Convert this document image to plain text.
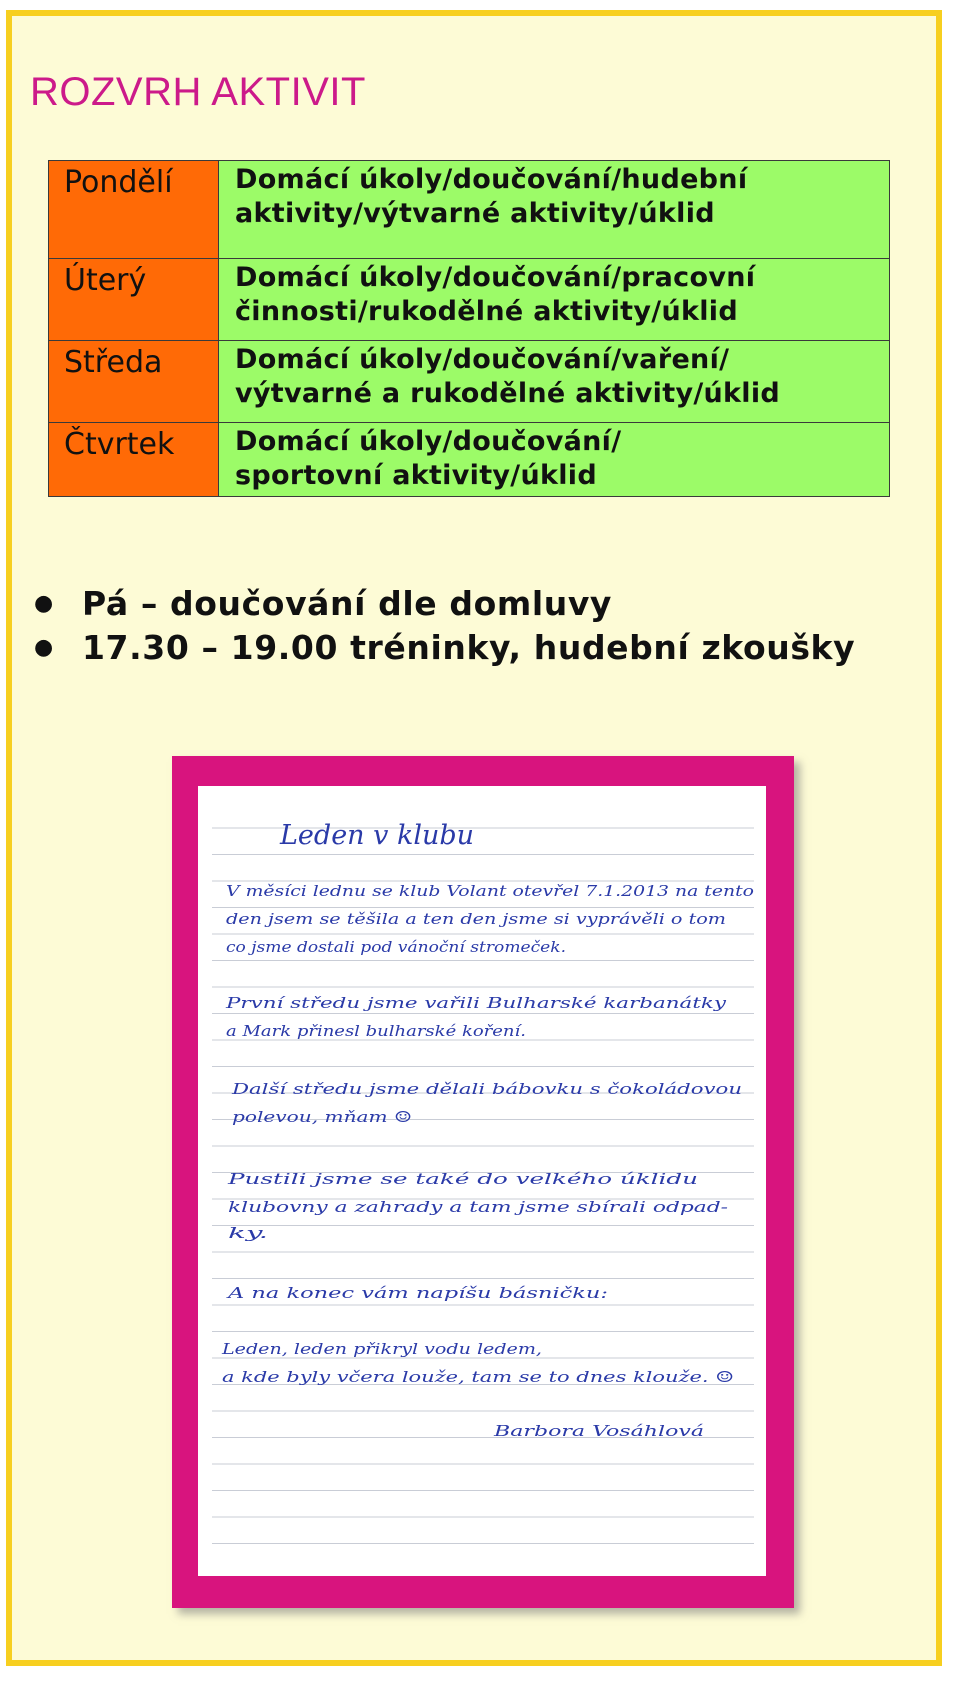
ROZVRH AKTIVIT
Pondělí	Domácí úkoly/doučování/hudební
aktivity/výtvarné aktivity/úklid

Úterý	Domácí úkoly/doučování/pracovní
činnosti/rukodělné aktivity/úklid

Středa	Domácí úkoly/doučování/vaření/
výtvarné a rukodělné aktivity/úklid

Čtvrtek	Domácí úkoly/doučování/
sportovní aktivity/úklid
● Pá – doučování dle domluvy
● 17.30 – 19.00 tréninky, hudební zkoušky
Leden v klubu
V měsíci lednu se klub Volant otevřel 7.1.2013 na tento
den jsem se těšila a ten den jsme si vyprávěli o tom
co jsme dostali pod vánoční stromeček.
První středu jsme vařili Bulharské karbanátky
a Mark přinesl bulharské koření.
Další středu jsme dělali bábovku s čokoládovou
polevou, mňam ☺
Pustili jsme se také do velkého úklidu
klubovny a zahrady a tam jsme sbírali odpad-
ky.
A na konec vám napíšu básničku:
Leden, leden přikryl vodu ledem,
a kde byly včera louže, tam se to dnes klouže. ☺
Barbora Vosáhlová
